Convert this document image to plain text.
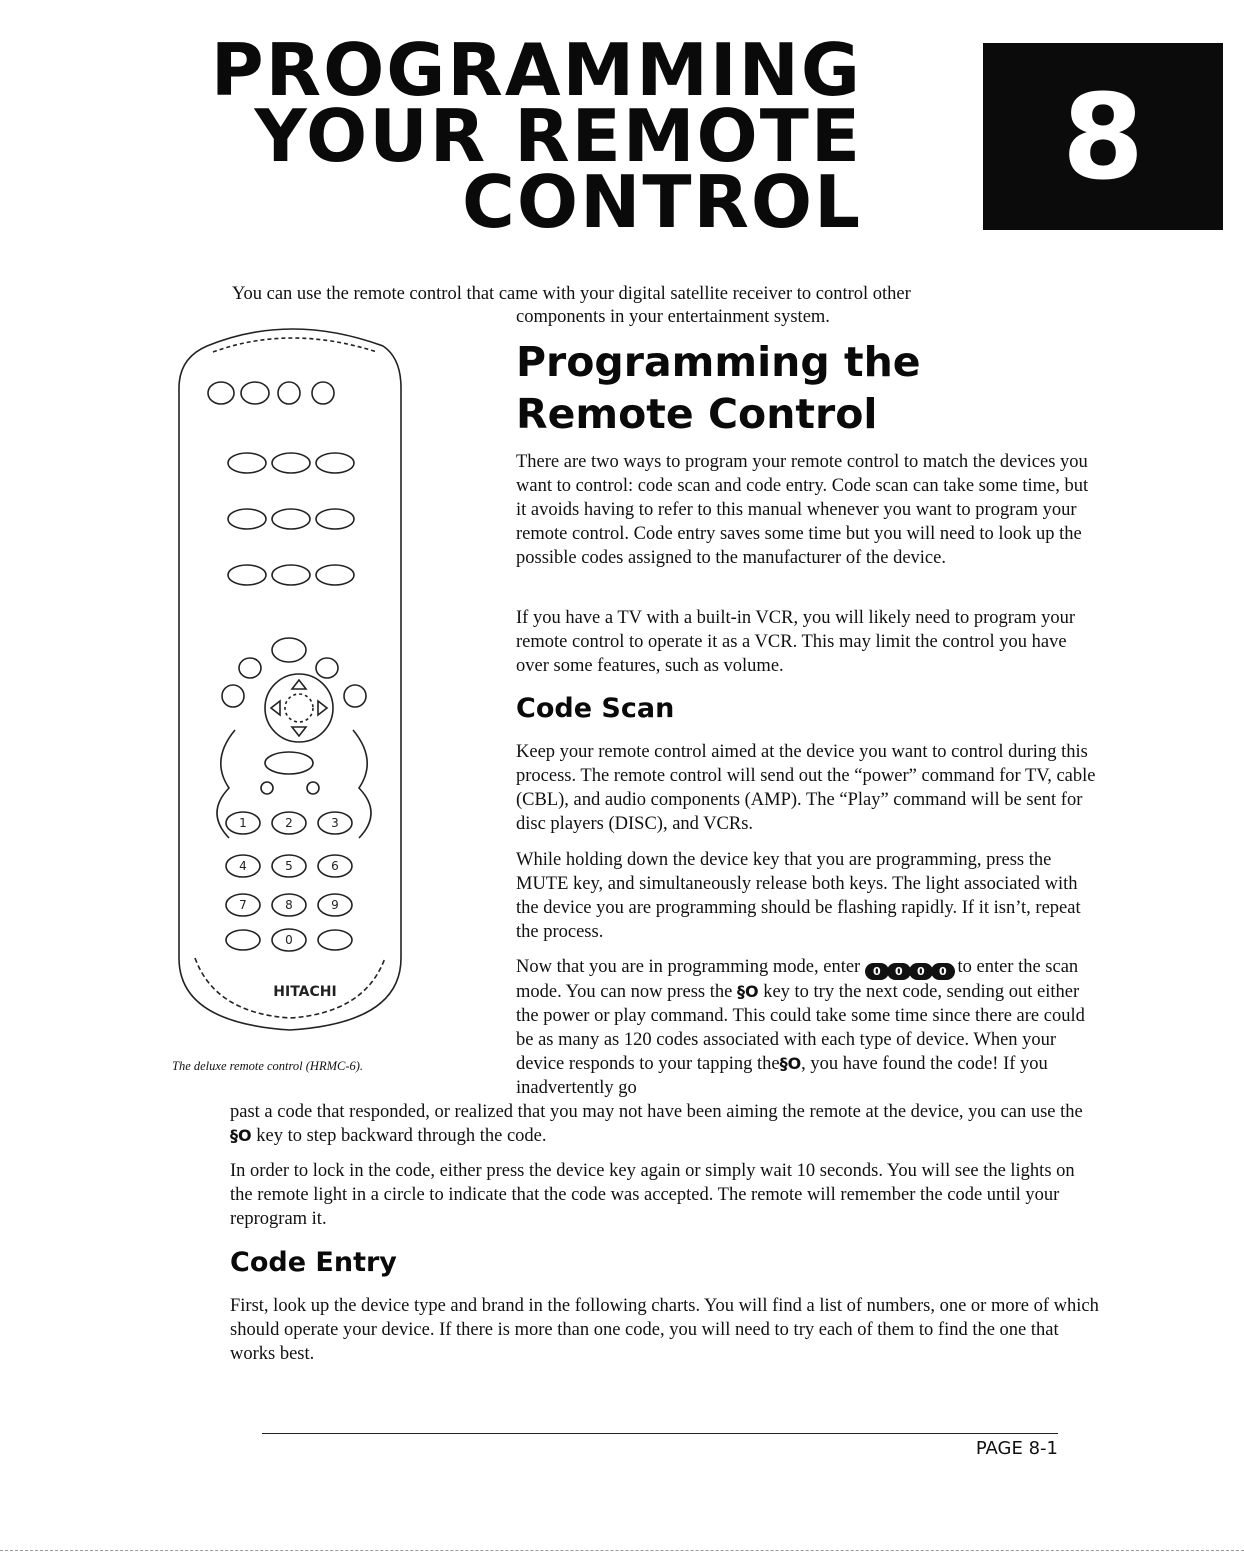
PROGRAMMING
YOUR REMOTE
CONTROL 8

You can use the remote control that came with your digital satellite receiver to control other

components in your entertainment system.

1	2	3
4	5	6
7	8	9
0
HITACHI

The deluxe remote control (HRMC-6).

Programming the
Remote Control

There are two ways to program your remote control to match the devices you want to control: code scan and code entry. Code scan can take some time, but it avoids having to refer to this manual whenever you want to program your remote control. Code entry saves some time but you will need to look up the possible codes assigned to the manufacturer of the device.

If you have a TV with a built-in VCR, you will likely need to program your remote control to operate it as a VCR. This may limit the control you have over some features, such as volume.

Code Scan

Keep your remote control aimed at the device you want to control during this process. The remote control will send out the “power” command for TV, cable (CBL), and audio components (AMP). The “Play” command will be sent for disc players (DISC), and VCRs.

While holding down the device key that you are programming, press the MUTE key, and simultaneously release both keys. The light associated with the device you are programming should be flashing rapidly. If it isn’t, repeat the process.

Now that you are in programming mode, enter 0 0 0 0 to enter the scan mode. You can now press the §O key to try the next code, sending out either the power or play command. This could take some time since there are could be as many as 120 codes associated with each type of device. When your device responds to your tapping the§O, you have found the code! If you inadvertently go

past a code that responded, or realized that you may not have been aiming the remote at the device, you can use the §O key to step backward through the code.

In order to lock in the code, either press the device key again or simply wait 10 seconds. You will see the lights on the remote light in a circle to indicate that the code was accepted. The remote will remember the code until your reprogram it.

Code Entry

First, look up the device type and brand in the following charts. You will find a list of numbers, one or more of which should operate your device. If there is more than one code, you will need to try each of them to find the one that works best.

PAGE 8-1
